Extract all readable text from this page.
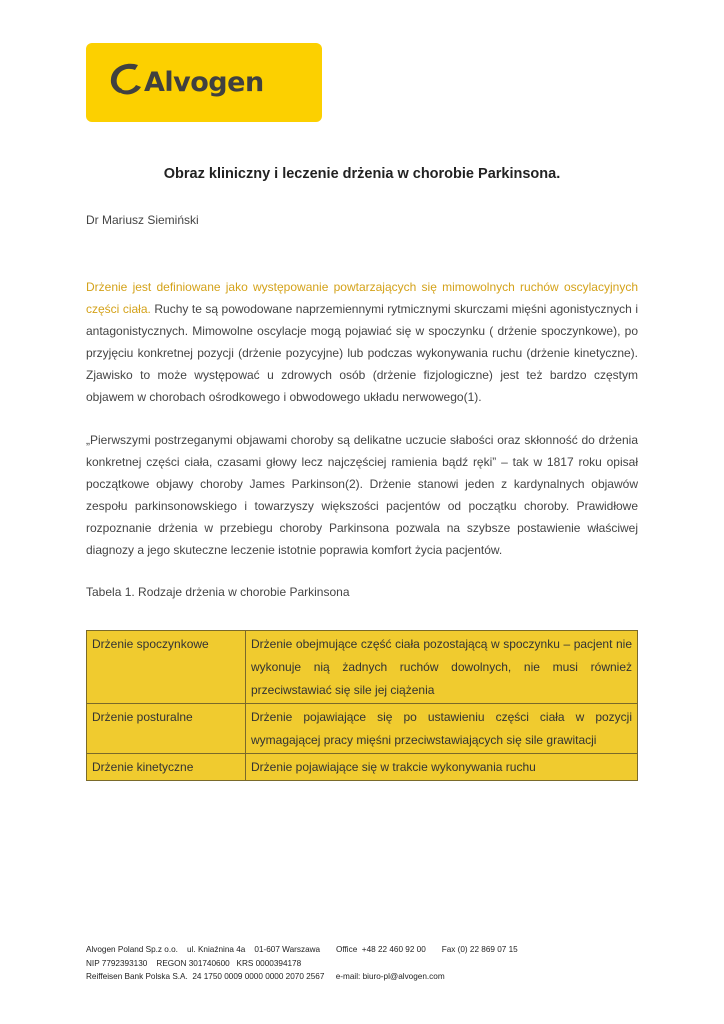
Alvogen
Obraz kliniczny i leczenie drżenia w chorobie Parkinsona.
Dr Mariusz Siemiński

Drżenie jest definiowane jako występowanie powtarzających się mimowolnych ruchów oscylacyjnych części ciała. Ruchy te są powodowane naprzemiennymi rytmicznymi skurczami mięśni agonistycznych i antagonistycznych. Mimowolne oscylacje mogą pojawiać się w spoczynku ( drżenie spoczynkowe), po przyjęciu konkretnej pozycji (drżenie pozycyjne) lub podczas wykonywania ruchu (drżenie kinetyczne). Zjawisko to może występować u zdrowych osób (drżenie fizjologiczne) jest też bardzo częstym objawem w chorobach ośrodkowego i obwodowego układu nerwowego(1).

„Pierwszymi postrzeganymi objawami choroby są delikatne uczucie słabości oraz skłonność do drżenia konkretnej części ciała, czasami głowy lecz najczęściej ramienia bądź ręki” – tak w 1817 roku opisał początkowe objawy choroby James Parkinson(2). Drżenie stanowi jeden z kardynalnych objawów zespołu parkinsonowskiego i towarzyszy większości pacjentów od początku choroby. Prawidłowe rozpoznanie drżenia w przebiegu choroby Parkinsona pozwala na szybsze postawienie właściwej diagnozy a jego skuteczne leczenie istotnie poprawia komfort życia pacjentów.

Tabela 1. Rodzaje drżenia w chorobie Parkinsona
Drżenie spoczynkowe	Drżenie obejmujące część ciała pozostającą w spoczynku – pacjent nie wykonuje nią żadnych ruchów dowolnych, nie musi również przeciwstawiać się sile jej ciążenia
Drżenie posturalne	Drżenie pojawiające się po ustawieniu części ciała w pozycji wymagającej pracy mięśni przeciwstawiających się sile grawitacji
Drżenie kinetyczne	Drżenie pojawiające się w trakcie wykonywania ruchu
Alvogen Poland Sp.z o.o.    ul. Kniaźnina 4a    01-607 Warszawa       Office  +48 22 460 92 00       Fax (0) 22 869 07 15
NIP 7792393130    REGON 301740600   KRS 0000394178
Reiffeisen Bank Polska S.A.  24 1750 0009 0000 0000 2070 2567     e-mail: biuro-pl@alvogen.com
